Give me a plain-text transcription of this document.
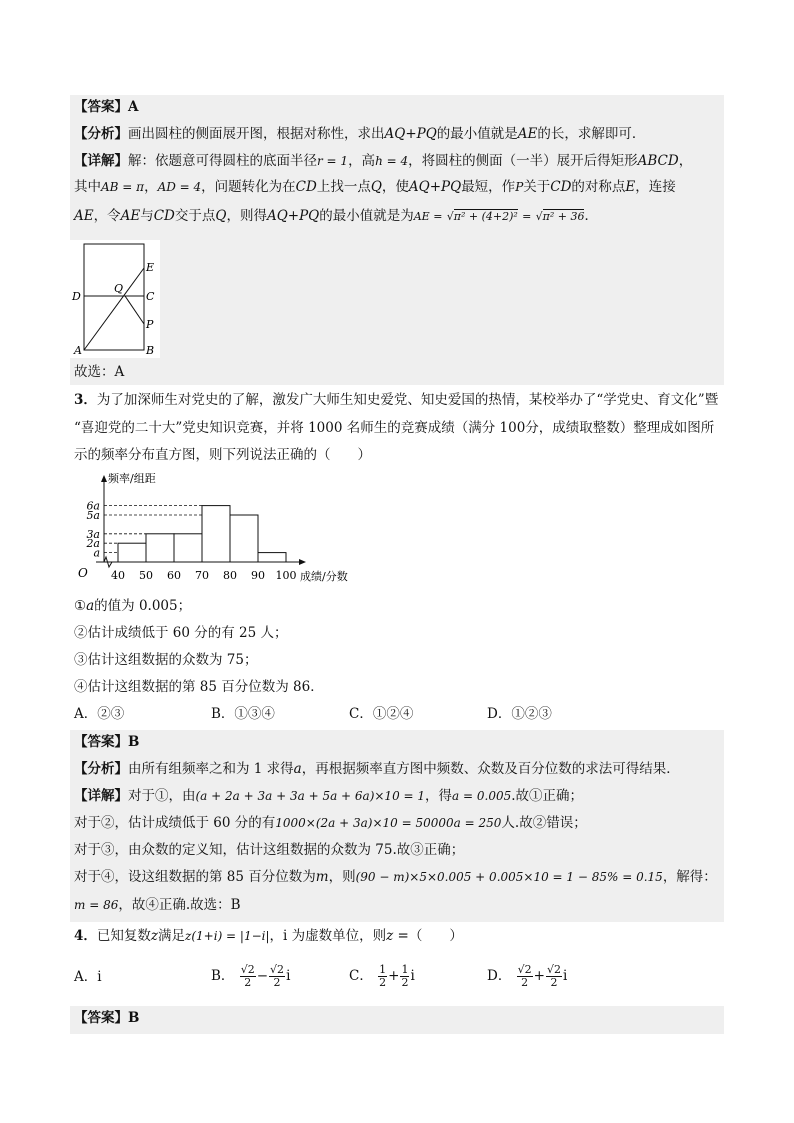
【答案】A
【分析】画出圆柱的侧面展开图，根据对称性，求出AQ+PQ的最小值就是AE的长，求解即可．
【详解】解：依题意可得圆柱的底面半径r = 1，高h = 4，将圆柱的侧面（一半）展开后得矩形ABCD，
其中AB = π，AD = 4，问题转化为在CD上找一点Q，使AQ+PQ最短，作P关于CD的对称点E，连接
AE，令AE与CD交于点Q，则得AQ+PQ的最小值就是为AE = √π² + (4+2)² = √π² + 36．
E
D
Q
C
P
A	B
故选：A
3．为了加深师生对党史的了解，激发广大师生知史爱党、知史爱国的热情，某校举办了“学党史、育文化”暨
“喜迎党的二十大”党史知识竞赛，并将 1000 名师生的竞赛成绩（满分 100分，成绩取整数）整理成如图所
示的频率分布直方图，则下列说法正确的（　　）
频率/组距
成绩/分数
O
a
2a
3a
5a
6a
40 50 60 70 80 90 100
①a的值为 0.005；
②估计成绩低于 60 分的有 25 人；
③估计这组数据的众数为 75；
④估计这组数据的第 85 百分位数为 86．
A．②③	B．①③④	C．①②④	D．①②③
【答案】B
【分析】由所有组频率之和为 1 求得a，再根据频率直方图中频数、众数及百分位数的求法可得结果．
【详解】对于①，由(a + 2a + 3a + 3a + 5a + 6a)×10 = 1，得a = 0.005.故①正确；
对于②，估计成绩低于 60 分的有1000×(2a + 3a)×10 = 50000a = 250人.故②错误；
对于③，由众数的定义知，估计这组数据的众数为 75.故③正确；
对于④，设这组数据的第 85 百分位数为m，则(90 − m)×5×0.005 + 0.005×10 = 1 − 85% = 0.15，解得：
m = 86，故④正确.故选：B
4．已知复数z满足z(1+i) = |1−i|，i 为虚数单位，则z =（　　）
A．i	B． $\frac{√2}{2} - \frac{√2}{2}$ i	C． $\frac{1}{2} + \frac{1}{2}$ i	D． $\frac{√2}{2} + \frac{√2}{2}$ i
【答案】B
